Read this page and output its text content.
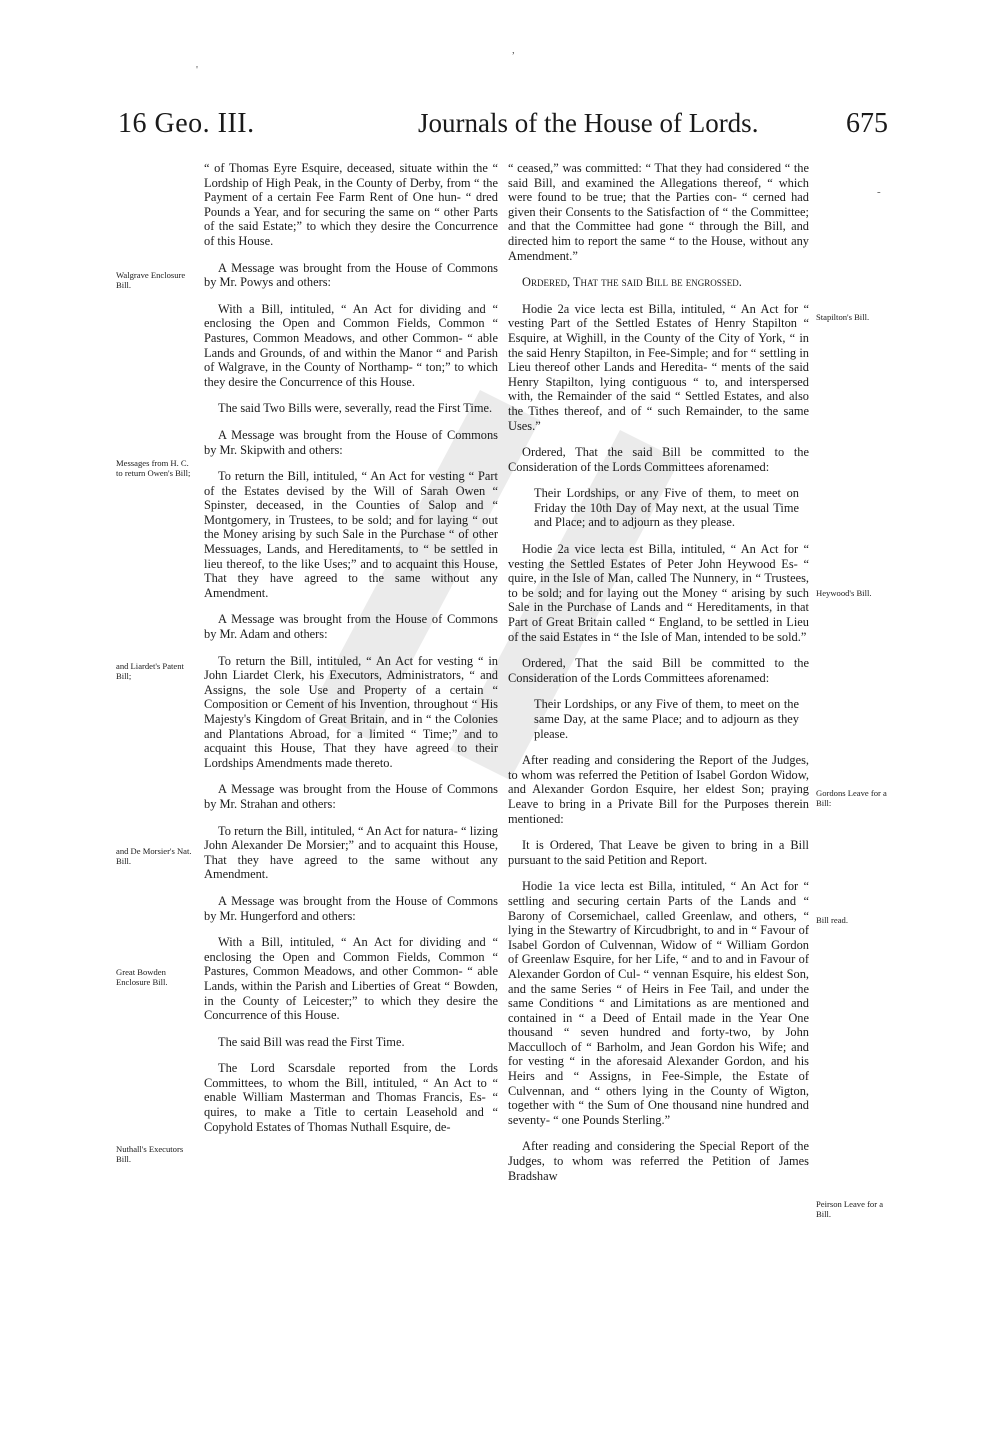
,
'
-
16 Geo. III.	Journals of the House of Lords.	675
Walgrave Enclosure Bill.
Messages from H. C. to return Owen's Bill;
and Liardet's Patent Bill;
and De Morsier's Nat. Bill.
Great Bowden Enclosure Bill.
Nuthall's Executors Bill.
Stapilton's Bill.
Heywood's Bill.
Gordons Leave for a Bill:
Bill read.
Peirson Leave for a Bill.

“ of Thomas Eyre Esquire, deceased, situate within the “ Lordship of High Peak, in the County of Derby, from “ the Payment of a certain Fee Farm Rent of One hun- “ dred Pounds a Year, and for securing the same on “ other Parts of the said Estate;” to which they desire the Concurrence of this House.

A Message was brought from the House of Commons by Mr. Powys and others:

With a Bill, intituled, “ An Act for dividing and “ enclosing the Open and Common Fields, Common “ Pastures, Common Meadows, and other Common- “ able Lands and Grounds, of and within the Manor “ and Parish of Walgrave, in the County of Northamp- “ ton;” to which they desire the Concurrence of this House.

The said Two Bills were, severally, read the First Time.

A Message was brought from the House of Commons by Mr. Skipwith and others:

To return the Bill, intituled, “ An Act for vesting “ Part of the Estates devised by the Will of Sarah Owen “ Spinster, deceased, in the Counties of Salop and “ Montgomery, in Trustees, to be sold; and for laying “ out the Money arising by such Sale in the Purchase “ of other Messuages, Lands, and Hereditaments, to “ be settled in lieu thereof, to the like Uses;” and to acquaint this House, That they have agreed to the same without any Amendment.

A Message was brought from the House of Commons by Mr. Adam and others:

To return the Bill, intituled, “ An Act for vesting “ in John Liardet Clerk, his Executors, Administrators, “ and Assigns, the sole Use and Property of a certain “ Composition or Cement of his Invention, throughout “ His Majesty's Kingdom of Great Britain, and in “ the Colonies and Plantations Abroad, for a limited “ Time;” and to acquaint this House, That they have agreed to their Lordships Amendments made thereto.

A Message was brought from the House of Commons by Mr. Strahan and others:

To return the Bill, intituled, “ An Act for natura- “ lizing John Alexander De Morsier;” and to acquaint this House, That they have agreed to the same without any Amendment.

A Message was brought from the House of Commons by Mr. Hungerford and others:

With a Bill, intituled, “ An Act for dividing and “ enclosing the Open and Common Fields, Common “ Pastures, Common Meadows, and other Common- “ able Lands, within the Parish and Liberties of Great “ Bowden, in the County of Leicester;” to which they desire the Concurrence of this House.

The said Bill was read the First Time.

The Lord Scarsdale reported from the Lords Committees, to whom the Bill, intituled, “ An Act to “ enable William Masterman and Thomas Francis, Es- “ quires, to make a Title to certain Leasehold and “ Copyhold Estates of Thomas Nuthall Esquire, de-

“ ceased,” was committed: “ That they had considered “ the said Bill, and examined the Allegations thereof, “ which were found to be true; that the Parties con- “ cerned had given their Consents to the Satisfaction of “ the Committee; and that the Committee had gone “ through the Bill, and directed him to report the same “ to the House, without any Amendment.”

Ordered, That the said Bill be engrossed.

Hodie 2a vice lecta est Billa, intituled, “ An Act for “ vesting Part of the Settled Estates of Henry Stapilton “ Esquire, at Wighill, in the County of the City of York, “ in the said Henry Stapilton, in Fee-Simple; and for “ settling in Lieu thereof other Lands and Heredita- “ ments of the said Henry Stapilton, lying contiguous “ to, and interspersed with, the Remainder of the said “ Settled Estates, and also the Tithes thereof, and of “ such Remainder, to the same Uses.”

Ordered, That the said Bill be committed to the Consideration of the Lords Committees aforenamed:

Their Lordships, or any Five of them, to meet on Friday the 10th Day of May next, at the usual Time and Place; and to adjourn as they please.

Hodie 2a vice lecta est Billa, intituled, “ An Act for “ vesting the Settled Estates of Peter John Heywood Es- “ quire, in the Isle of Man, called The Nunnery, in “ Trustees, to be sold; and for laying out the Money “ arising by such Sale in the Purchase of Lands and “ Hereditaments, in that Part of Great Britain called “ England, to be settled in Lieu of the said Estates in “ the Isle of Man, intended to be sold.”

Ordered, That the said Bill be committed to the Consideration of the Lords Committees aforenamed:

Their Lordships, or any Five of them, to meet on the same Day, at the same Place; and to adjourn as they please.

After reading and considering the Report of the Judges, to whom was referred the Petition of Isabel Gordon Widow, and Alexander Gordon Esquire, her eldest Son; praying Leave to bring in a Private Bill for the Purposes therein mentioned:

It is Ordered, That Leave be given to bring in a Bill pursuant to the said Petition and Report.

Hodie 1a vice lecta est Billa, intituled, “ An Act for “ settling and securing certain Parts of the Lands and “ Barony of Corsemichael, called Greenlaw, and others, “ lying in the Stewartry of Kircudbright, to and in “ Favour of Isabel Gordon of Culvennan, Widow of “ William Gordon of Greenlaw Esquire, for her Life, “ and to and in Favour of Alexander Gordon of Cul- “ vennan Esquire, his eldest Son, and the same Series “ of Heirs in Fee Tail, and under the same Conditions “ and Limitations as are mentioned and contained in “ a Deed of Entail made in the Year One thousand “ seven hundred and forty-two, by John Macculloch of “ Barholm, and Jean Gordon his Wife; and for vesting “ in the aforesaid Alexander Gordon, and his Heirs and “ Assigns, in Fee-Simple, the Estate of Culvennan, and “ others lying in the County of Wigton, together with “ the Sum of One thousand nine hundred and seventy- “ one Pounds Sterling.”

After reading and considering the Special Report of the Judges, to whom was referred the Petition of James Bradshaw
